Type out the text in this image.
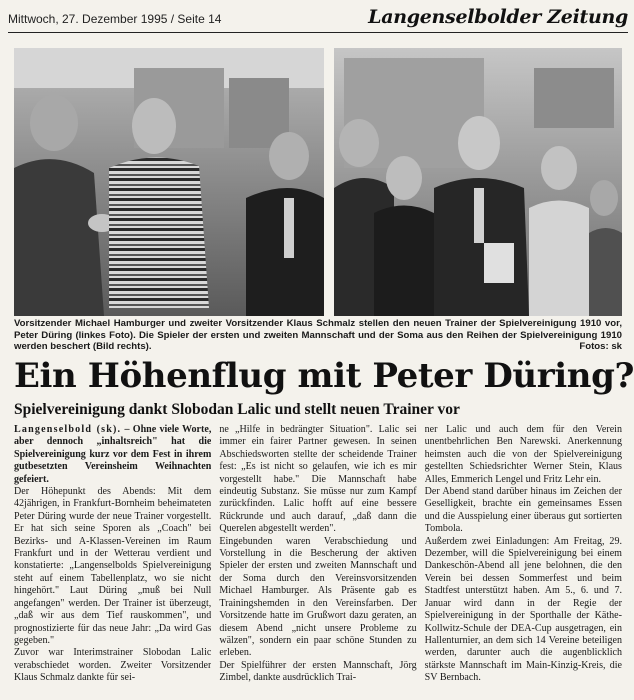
Mittwoch, 27. Dezember 1995 / Seite 14	Langenselbolder Zeitung
Vorsitzender Michael Hamburger und zweiter Vorsitzender Klaus Schmalz stellen den neuen Trainer der Spielvereinigung 1910 vor, Peter Düring (linkes Foto). Die Spieler der ersten und zweiten Mannschaft und der Soma aus den Reihen der Spielvereinigung 1910 werden beschert (Bild rechts).	Fotos: sk
Ein Höhenflug mit Peter Düring?
Spielvereinigung dankt Slobodan Lalic und stellt neuen Trainer vor

Langenselbold (sk). – Ohne viele Worte, aber dennoch „inhaltsreich" hat die Spielvereinigung kurz vor dem Fest in ihrem gutbesetzten Vereinsheim Weihnachten gefeiert.

Der Höhepunkt des Abends: Mit dem 42jährigen, in Frankfurt-Bornheim beheimateten Peter Düring wurde der neue Trainer vorgestellt. Er hat sich seine Sporen als „Coach" bei Bezirks- und A-Klassen-Vereinen im Raum Frankfurt und in der Wetterau verdient und konstatierte: „Langenselbolds Spielvereinigung steht auf einem Tabellenplatz, wo sie nicht hingehört." Laut Düring „muß bei Null angefangen" werden. Der Trainer ist überzeugt, „daß wir aus dem Tief rauskommen", und prognostizierte für das neue Jahr: „Da wird Gas gegeben."

Zuvor war Interimstrainer Slobodan Lalic verabschiedet worden. Zweiter Vorsitzender Klaus Schmalz dankte für sei-

ne „Hilfe in bedrängter Situation". Lalic sei immer ein fairer Partner gewesen. In seinen Abschiedsworten stellte der scheidende Trainer fest: „Es ist nicht so gelaufen, wie ich es mir vorgestellt habe." Die Mannschaft habe eindeutig Substanz. Sie müsse nur zum Kampf zurückfinden. Lalic hofft auf eine bessere Rückrunde und auch darauf, „daß dann die Querelen abgestellt werden".

Eingebunden waren Verabschiedung und Vorstellung in die Bescherung der aktiven Spieler der ersten und zweiten Mannschaft und der Soma durch den Vereinsvorsitzenden Michael Hamburger. Als Präsente gab es Trainingshemden in den Vereinsfarben. Der Vorsitzende hatte im Grußwort dazu geraten, an diesem Abend „nicht unsere Probleme zu wälzen", sondern ein paar schöne Stunden zu erleben.

Der Spielführer der ersten Mannschaft, Jörg Zimbel, dankte ausdrücklich Trai-

ner Lalic und auch dem für den Verein unentbehrlichen Ben Narewski. Anerkennung heimsten auch die von der Spielvereinigung gestellten Schiedsrichter Werner Stein, Klaus Alles, Emmerich Lengel und Fritz Lehr ein.

Der Abend stand darüber hinaus im Zeichen der Geselligkeit, brachte ein gemeinsames Essen und die Ausspielung einer überaus gut sortierten Tombola.

Außerdem zwei Einladungen: Am Freitag, 29. Dezember, will die Spielvereinigung bei einem Dankeschön-Abend all jene belohnen, die den Verein bei dessen Sommerfest und beim Stadtfest unterstützt haben. Am 5., 6. und 7. Januar wird dann in der Regie der Spielvereinigung in der Sporthalle der Käthe-Kollwitz-Schule der DEA-Cup ausgetragen, ein Hallenturnier, an dem sich 14 Vereine beteiligen werden, darunter auch die augenblicklich stärkste Mannschaft im Main-Kinzig-Kreis, die SV Bernbach.
